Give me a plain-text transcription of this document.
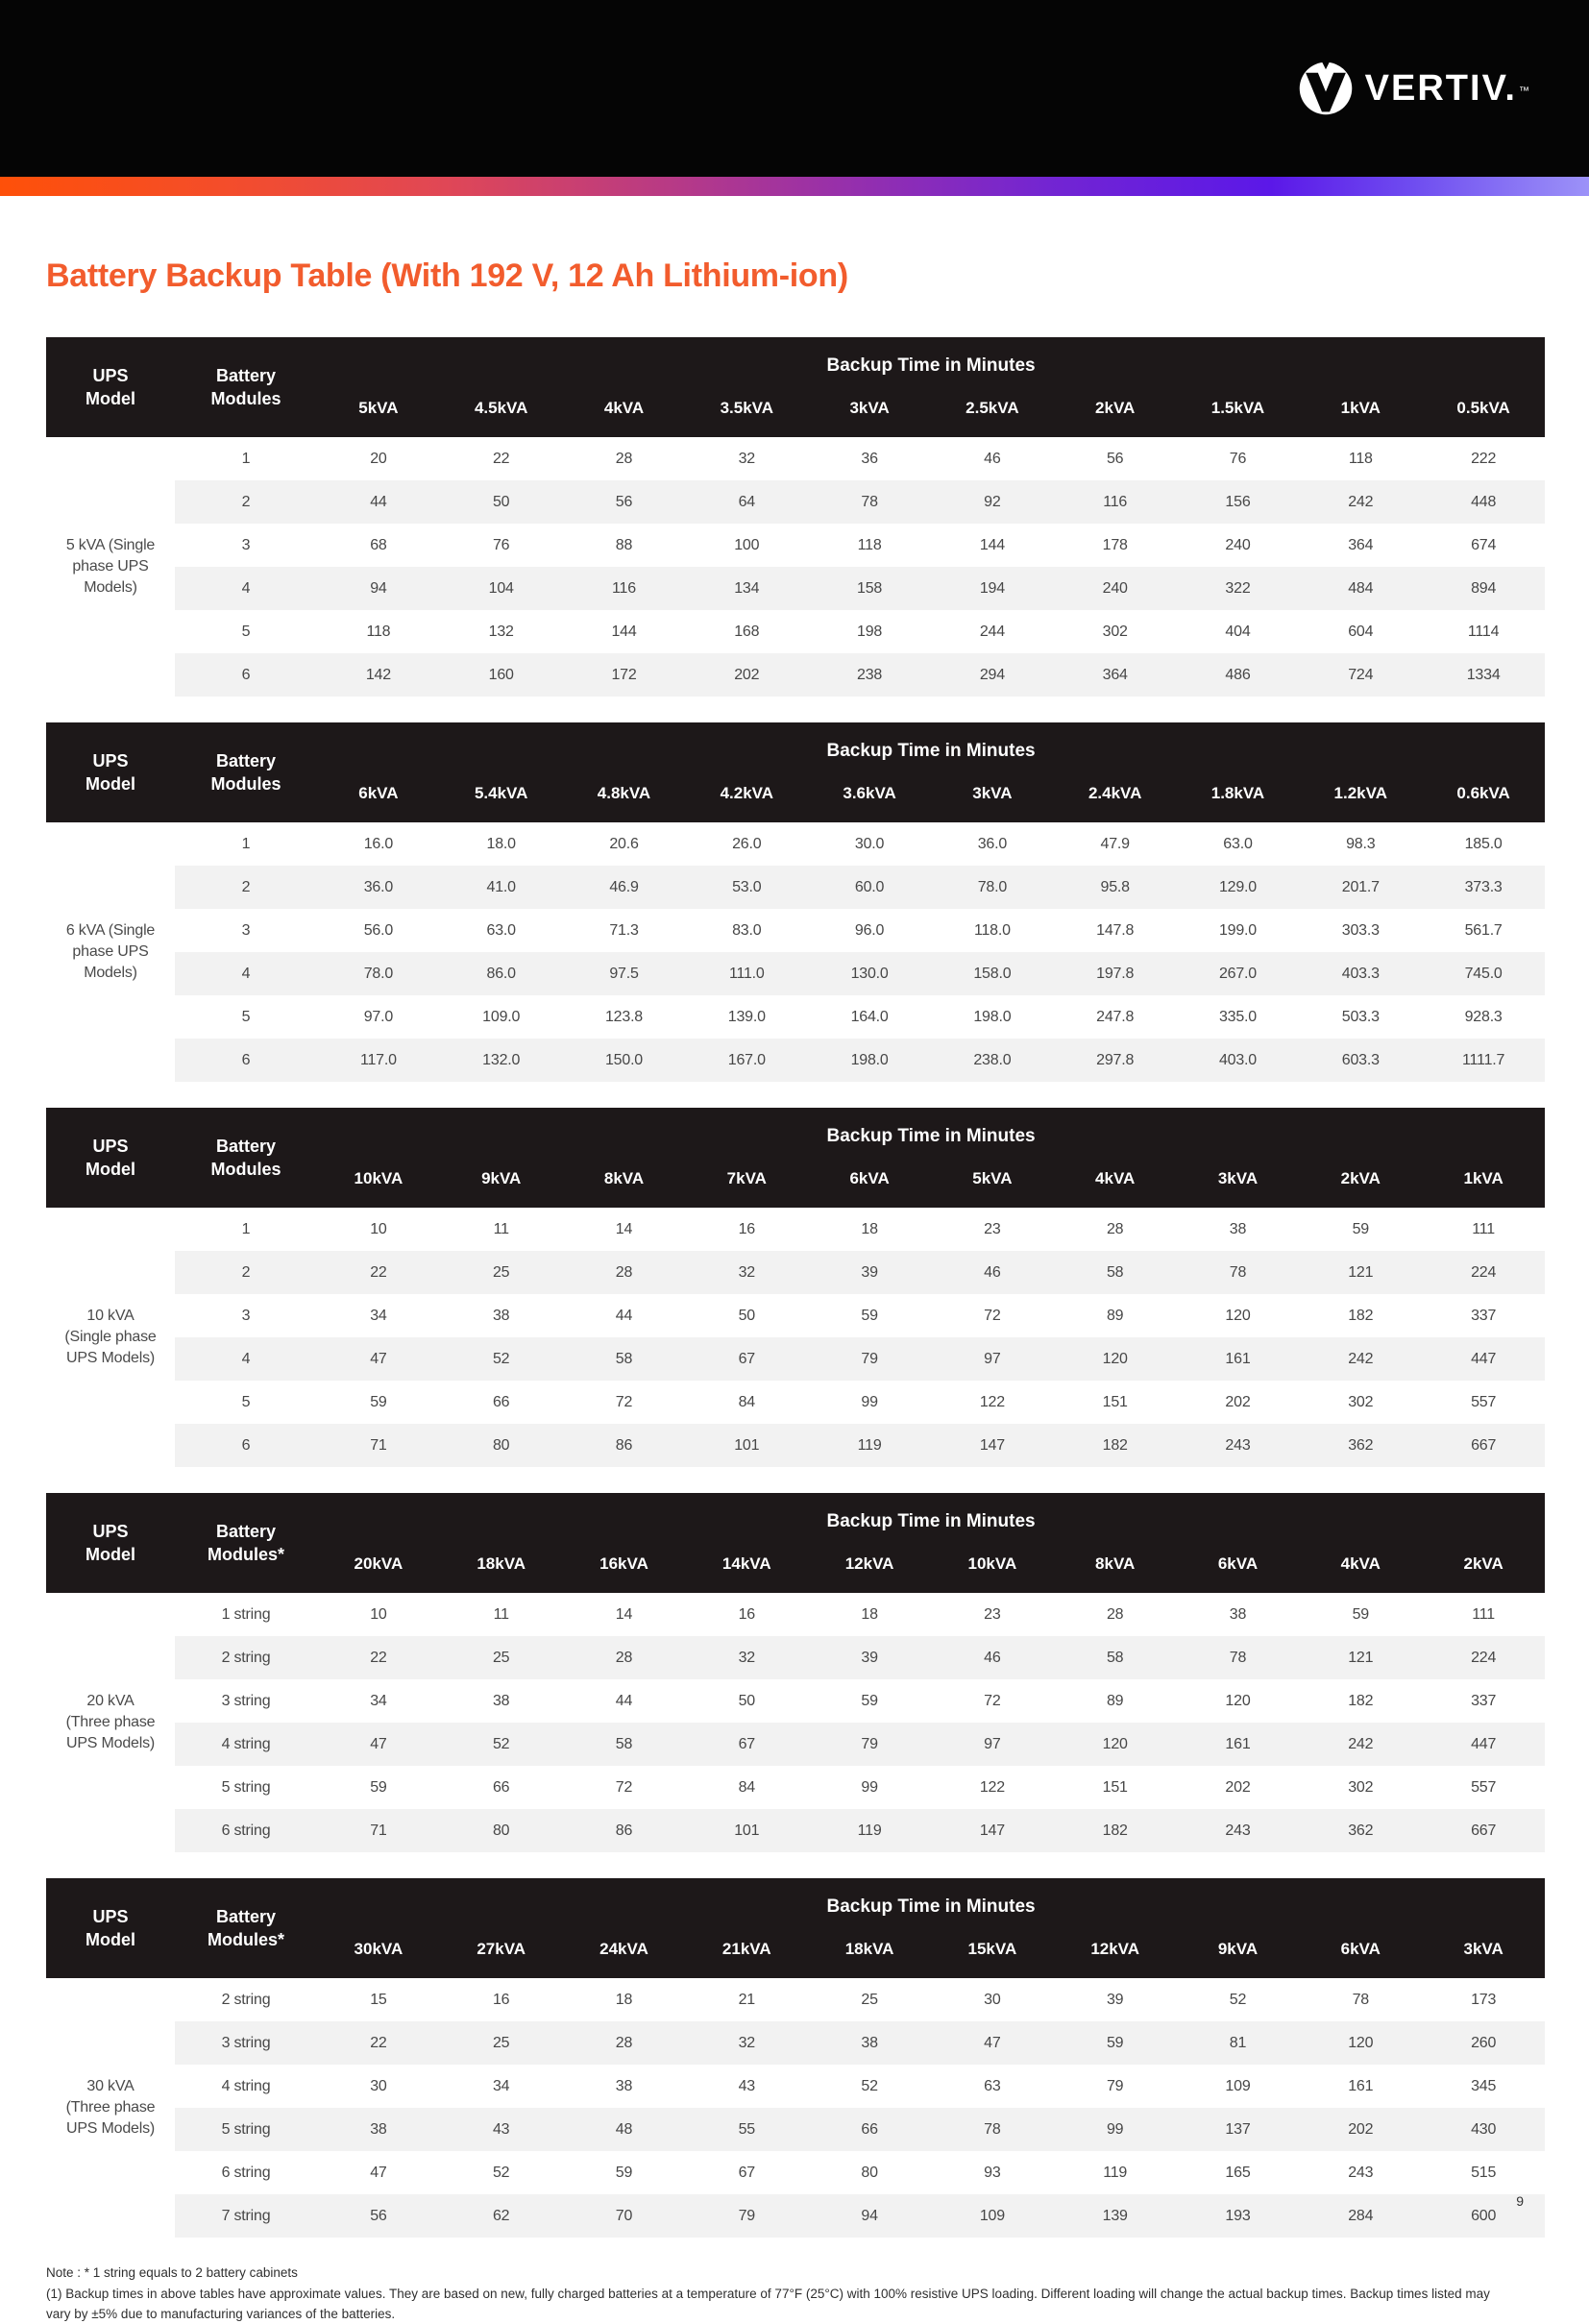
VERTIV. ™
Battery Backup Table (With 192 V, 12 Ah Lithium-ion)
UPS Model	Battery Modules	Backup Time in Minutes									
		5kVA	4.5kVA	4kVA	3.5kVA	3kVA	2.5kVA	2kVA	1.5kVA	1kVA	0.5kVA
5 kVA (Single phase UPS Models)	1	20	22	28	32	36	46	56	76	118	222
	2	44	50	56	64	78	92	116	156	242	448
	3	68	76	88	100	118	144	178	240	364	674
	4	94	104	116	134	158	194	240	322	484	894
	5	118	132	144	168	198	244	302	404	604	1114
	6	142	160	172	202	238	294	364	486	724	1334
UPS Model	Battery Modules	Backup Time in Minutes									
		6kVA	5.4kVA	4.8kVA	4.2kVA	3.6kVA	3kVA	2.4kVA	1.8kVA	1.2kVA	0.6kVA
6 kVA (Single phase UPS Models)	1	16.0	18.0	20.6	26.0	30.0	36.0	47.9	63.0	98.3	185.0
	2	36.0	41.0	46.9	53.0	60.0	78.0	95.8	129.0	201.7	373.3
	3	56.0	63.0	71.3	83.0	96.0	118.0	147.8	199.0	303.3	561.7
	4	78.0	86.0	97.5	111.0	130.0	158.0	197.8	267.0	403.3	745.0
	5	97.0	109.0	123.8	139.0	164.0	198.0	247.8	335.0	503.3	928.3
	6	117.0	132.0	150.0	167.0	198.0	238.0	297.8	403.0	603.3	1111.7
UPS Model	Battery Modules	Backup Time in Minutes									
		10kVA	9kVA	8kVA	7kVA	6kVA	5kVA	4kVA	3kVA	2kVA	1kVA
10 kVA (Single phase UPS Models)	1	10	11	14	16	18	23	28	38	59	111
	2	22	25	28	32	39	46	58	78	121	224
	3	34	38	44	50	59	72	89	120	182	337
	4	47	52	58	67	79	97	120	161	242	447
	5	59	66	72	84	99	122	151	202	302	557
	6	71	80	86	101	119	147	182	243	362	667
UPS Model	Battery Modules*	Backup Time in Minutes									
		20kVA	18kVA	16kVA	14kVA	12kVA	10kVA	8kVA	6kVA	4kVA	2kVA
20 kVA (Three phase UPS Models)	1 string	10	11	14	16	18	23	28	38	59	111
	2 string	22	25	28	32	39	46	58	78	121	224
	3 string	34	38	44	50	59	72	89	120	182	337
	4 string	47	52	58	67	79	97	120	161	242	447
	5 string	59	66	72	84	99	122	151	202	302	557
	6 string	71	80	86	101	119	147	182	243	362	667
UPS Model	Battery Modules*	Backup Time in Minutes									
		30kVA	27kVA	24kVA	21kVA	18kVA	15kVA	12kVA	9kVA	6kVA	3kVA
30 kVA (Three phase UPS Models)	2 string	15	16	18	21	25	30	39	52	78	173
	3 string	22	25	28	32	38	47	59	81	120	260
	4 string	30	34	38	43	52	63	79	109	161	345
	5 string	38	43	48	55	66	78	99	137	202	430
	6 string	47	52	59	67	80	93	119	165	243	515
	7 string	56	62	70	79	94	109	139	193	284	600

Note : * 1 string equals to 2 battery cabinets

(1) Backup times in above tables have approximate values. They are based on new, fully charged batteries at a temperature of 77°F (25°C) with 100% resistive UPS loading. Different loading will change the actual backup times. Backup times listed may vary by ±5% due to manufacturing variances of the batteries.

9
